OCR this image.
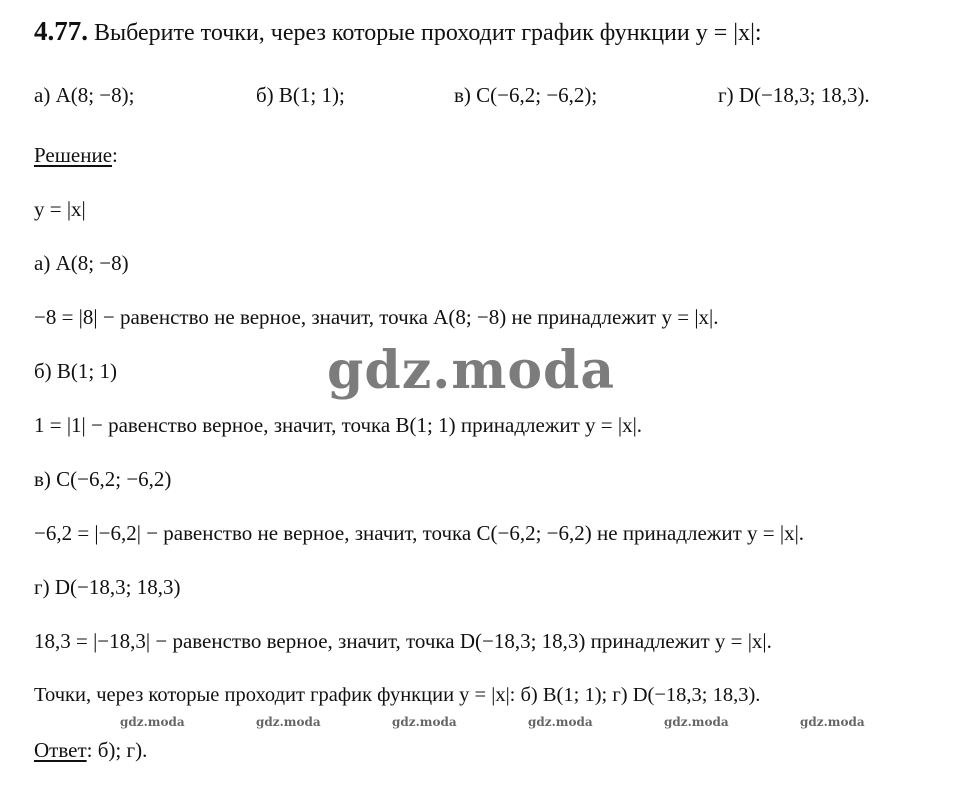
4.77. Выберите точки, через которые проходит график функции y = |x|:
а) A(8; −8);	б) B(1; 1);	в) C(−6,2; −6,2);	г) D(−18,3; 18,3).
Решение:
y = |x|
а) A(8; −8)
−8 = |8| − равенство не верное, значит, точка A(8; −8) не принадлежит y = |x|.
б) B(1; 1)
1 = |1| − равенство верное, значит, точка B(1; 1) принадлежит y = |x|.
в) C(−6,2; −6,2)
−6,2 = |−6,2| − равенство не верное, значит, точка C(−6,2; −6,2) не принадлежит y = |x|.
г) D(−18,3; 18,3)
18,3 = |−18,3| − равенство верное, значит, точка D(−18,3; 18,3) принадлежит y = |x|.
Точки, через которые проходит график функции y = |x|: б) B(1; 1); г) D(−18,3; 18,3).
Ответ: б); г).
gdz.moda
gdz.moda	gdz.moda	gdz.moda	gdz.moda	gdz.moda	gdz.moda
